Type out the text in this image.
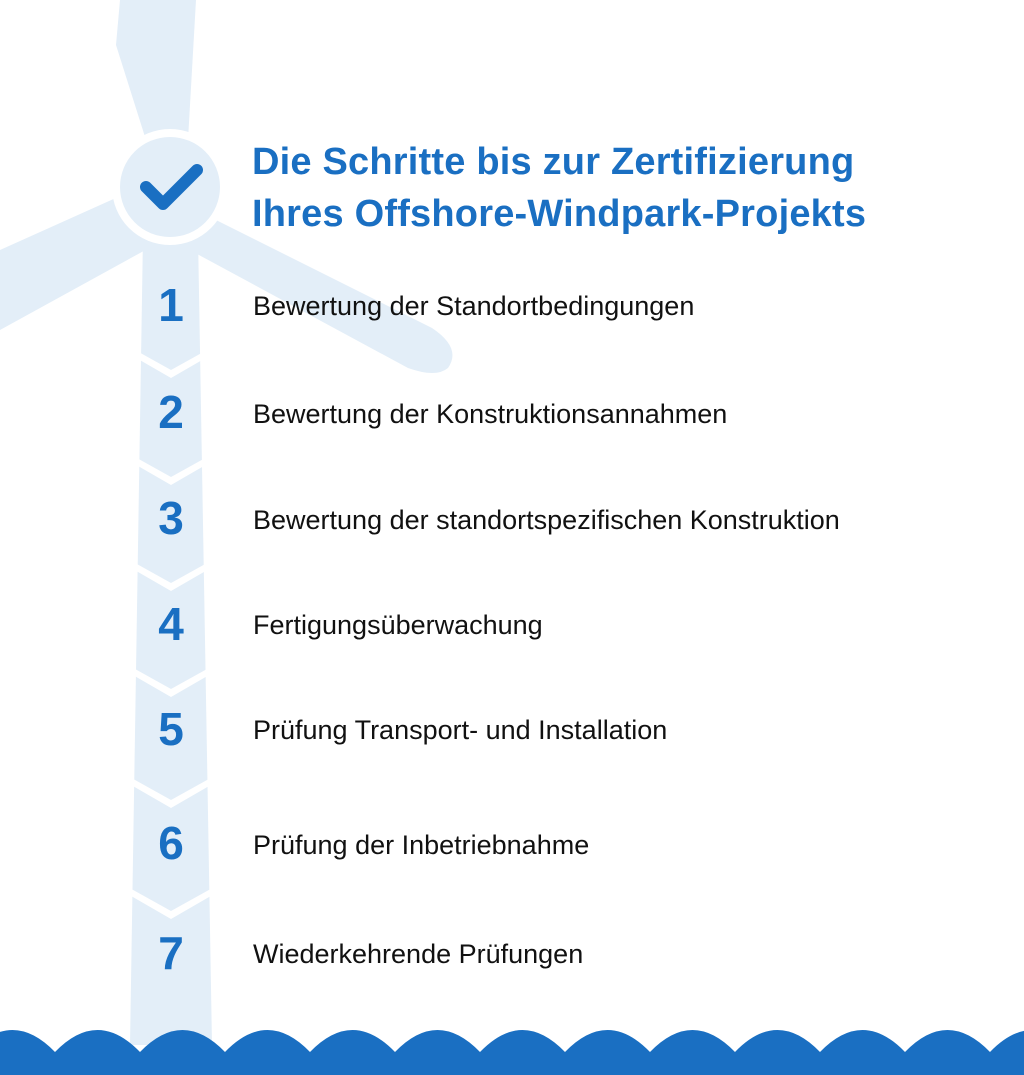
Die Schritte bis zur Zertifizierung
Ihres Offshore-Windpark-Projekts
1	Bewertung der Standortbedingungen
2	Bewertung der Konstruktionsannahmen
3	Bewertung der standortspezifischen Konstruktion
4	Fertigungsüberwachung
5	Prüfung Transport- und Installation
6	Prüfung der Inbetriebnahme
7	Wiederkehrende Prüfungen
